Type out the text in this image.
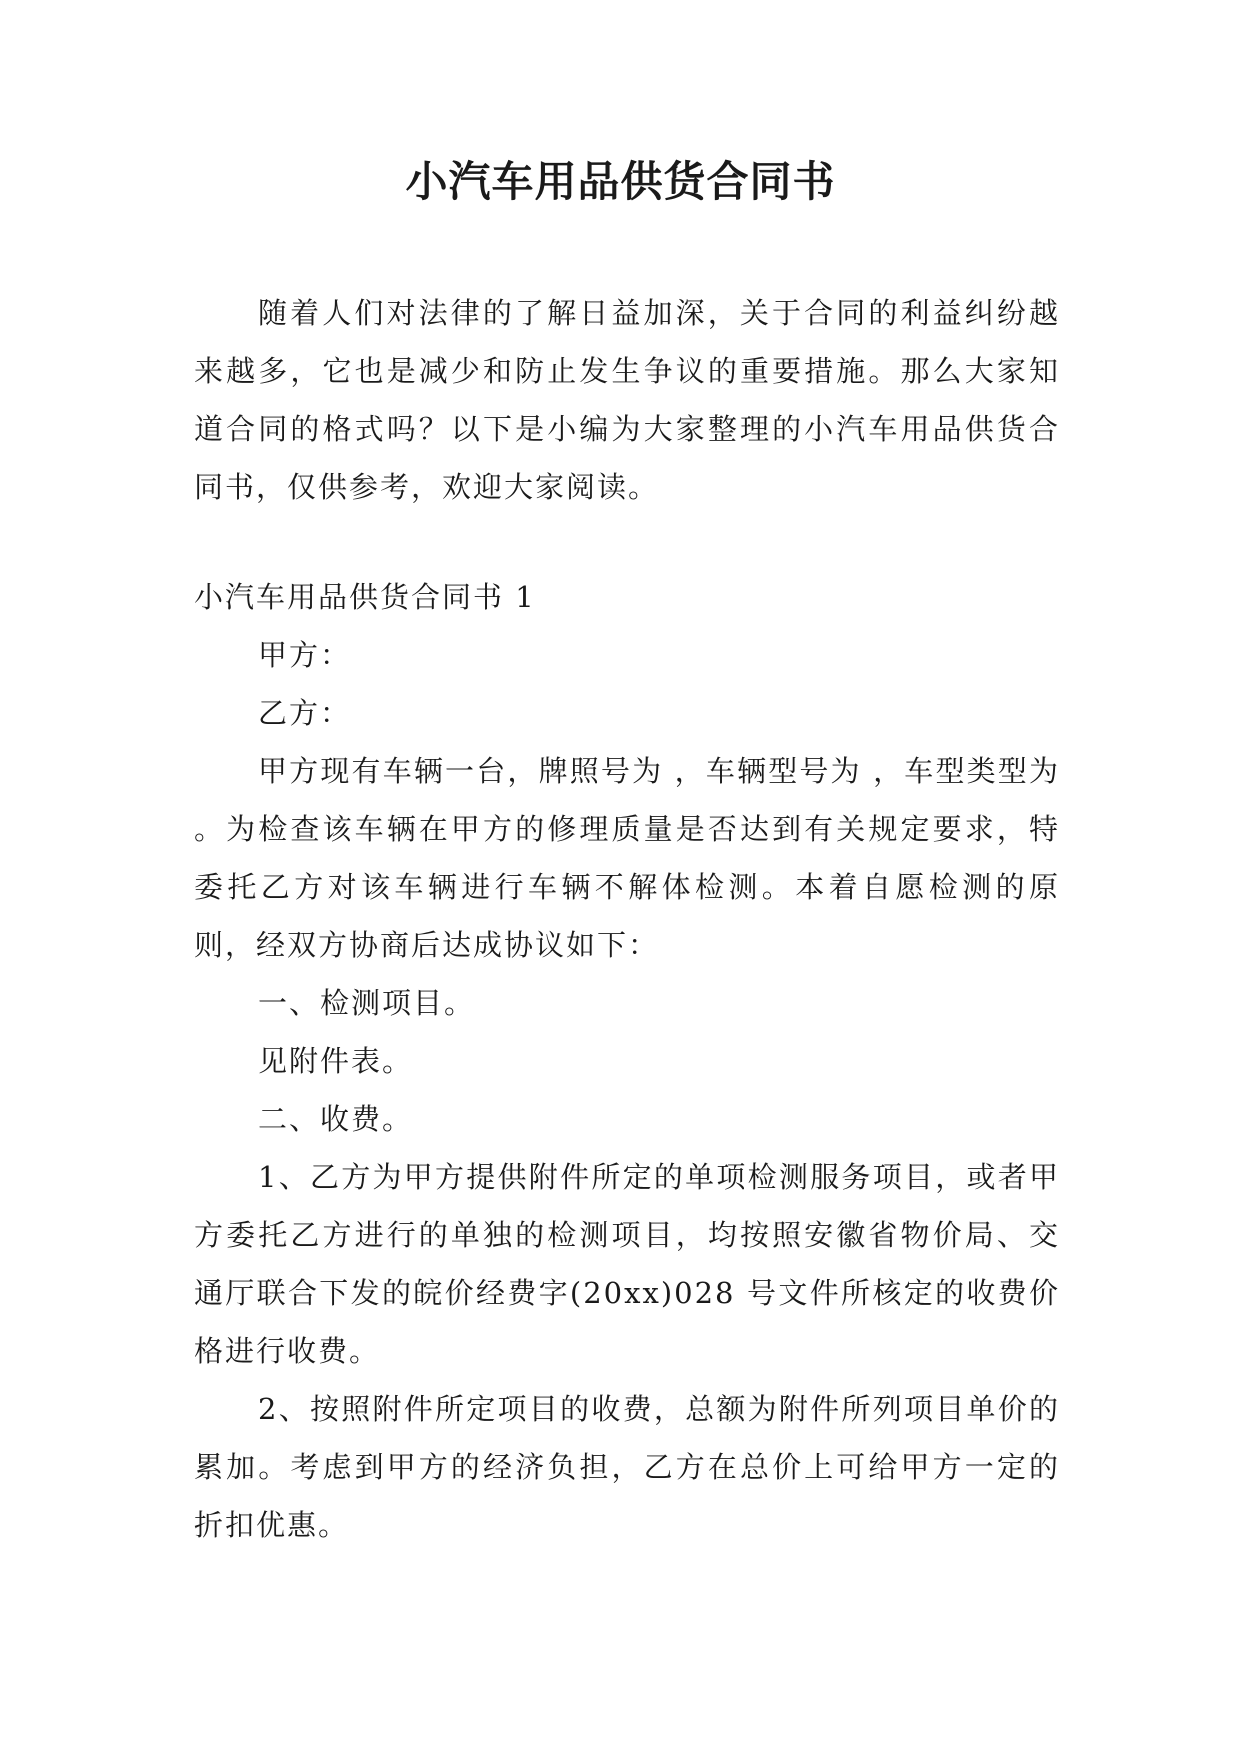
小汽车用品供货合同书

随着人们对法律的了解日益加深，关于合同的利益纠纷越来越多，它也是减少和防止发生争议的重要措施。那么大家知道合同的格式吗？以下是小编为大家整理的小汽车用品供货合同书，仅供参考，欢迎大家阅读。

小汽车用品供货合同书 1

甲方：

乙方：

甲方现有车辆一台，牌照号为 ，车辆型号为 ，车型类型为 。为检查该车辆在甲方的修理质量是否达到有关规定要求，特委托乙方对该车辆进行车辆不解体检测。本着自愿检测的原则，经双方协商后达成协议如下：

一、检测项目。

见附件表。

二、收费。

1、乙方为甲方提供附件所定的单项检测服务项目，或者甲方委托乙方进行的单独的检测项目，均按照安徽省物价局、交通厅联合下发的皖价经费字(20xx)028 号文件所核定的收费价格进行收费。

2、按照附件所定项目的收费，总额为附件所列项目单价的累加。考虑到甲方的经济负担，乙方在总价上可给甲方一定的折扣优惠。
